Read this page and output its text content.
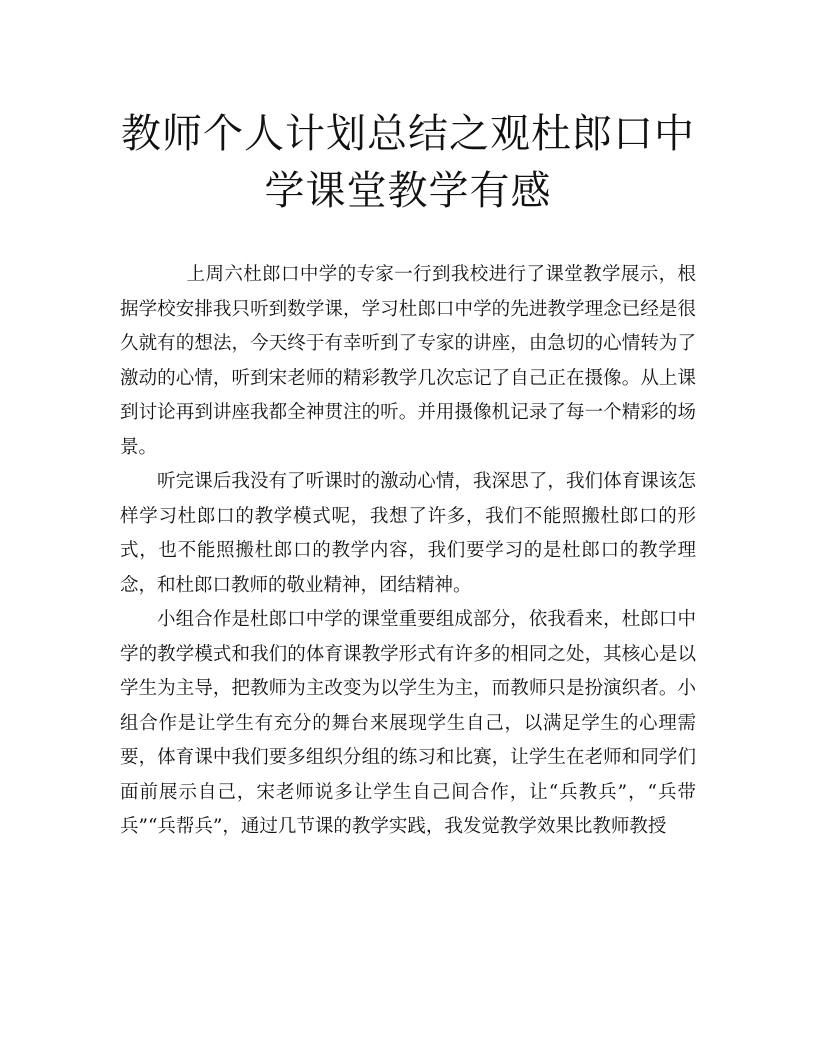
教师个人计划总结之观杜郎口中学课堂教学有感

上周六杜郎口中学的专家一行到我校进行了课堂教学展示，根据学校安排我只听到数学课，学习杜郎口中学的先进教学理念已经是很久就有的想法，今天终于有幸听到了专家的讲座，由急切的心情转为了激动的心情，听到宋老师的精彩教学几次忘记了自己正在摄像。从上课到讨论再到讲座我都全神贯注的听。并用摄像机记录了每一个精彩的场景。

听完课后我没有了听课时的激动心情，我深思了，我们体育课该怎样学习杜郎口的教学模式呢，我想了许多，我们不能照搬杜郎口的形式，也不能照搬杜郎口的教学内容，我们要学习的是杜郎口的教学理念，和杜郎口教师的敬业精神，团结精神。

小组合作是杜郎口中学的课堂重要组成部分，依我看来，杜郎口中学的教学模式和我们的体育课教学形式有许多的相同之处，其核心是以学生为主导，把教师为主改变为以学生为主，而教师只是扮演织者。小组合作是让学生有充分的舞台来展现学生自己，以满足学生的心理需要，体育课中我们要多组织分组的练习和比赛，让学生在老师和同学们面前展示自己，宋老师说多让学生自己间合作，让“兵教兵”，“兵带兵”“兵帮兵”，通过几节课的教学实践，我发觉教学效果比教师教授
